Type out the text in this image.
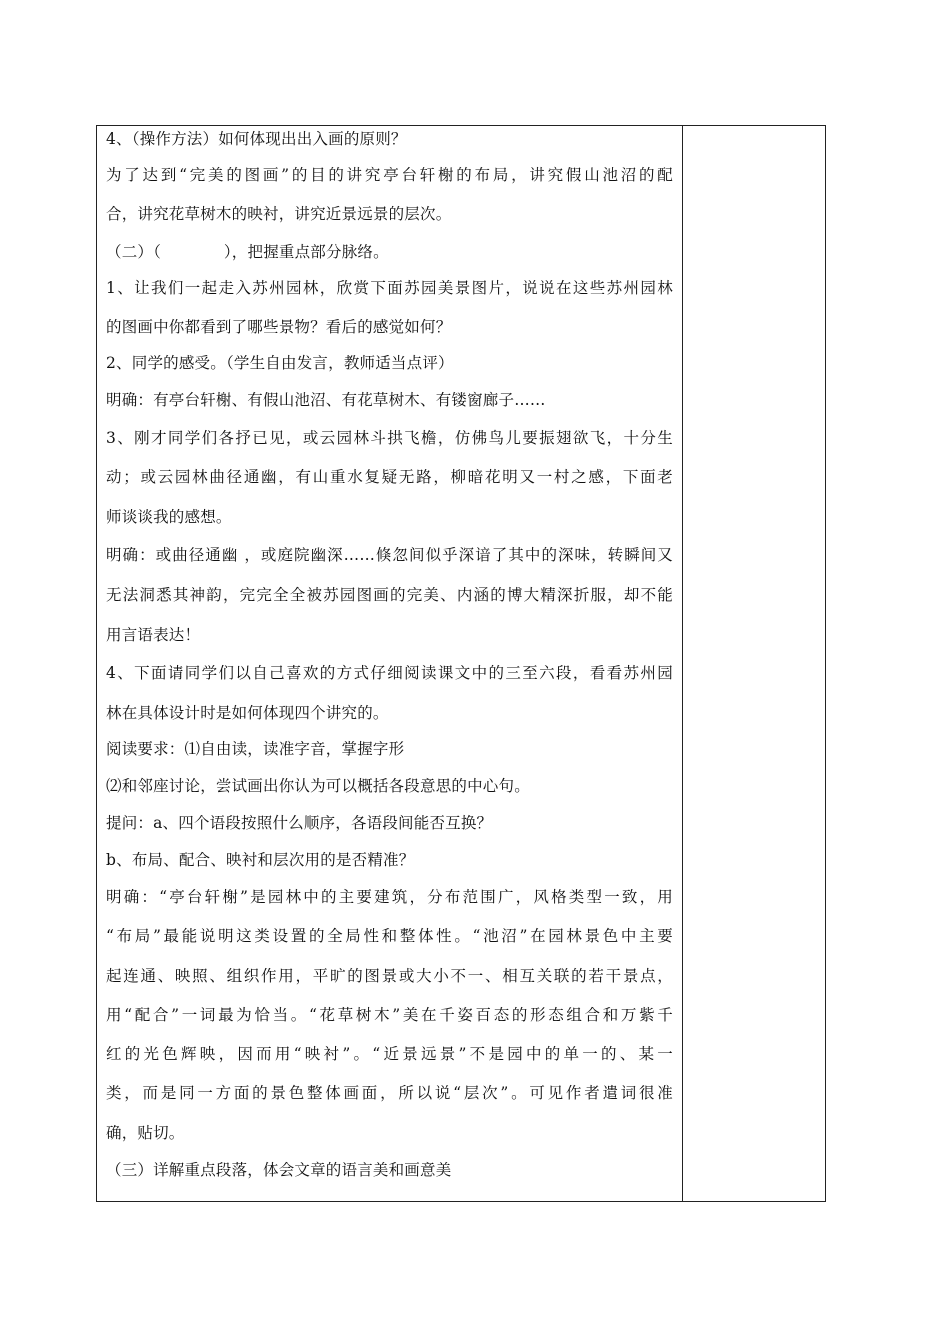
4、（操作方法）如何体现出出入画的原则？
为了达到“完美的图画”的目的讲究亭台轩榭的布局，讲究假山池沼的配
合，讲究花草树木的映衬，讲究近景远景的层次。
（二）（　　　　），把握重点部分脉络。
1、让我们一起走入苏州园林，欣赏下面苏园美景图片，说说在这些苏州园林
的图画中你都看到了哪些景物？看后的感觉如何？
2、同学的感受。（学生自由发言，教师适当点评）
明确：有亭台轩榭、有假山池沼、有花草树木、有镂窗廊子……
3、刚才同学们各抒已见，或云园林斗拱飞檐，仿佛鸟儿要振翅欲飞，十分生
动；或云园林曲径通幽，有山重水复疑无路，柳暗花明又一村之感，下面老
师谈谈我的感想。
明确：或曲径通幽 ，或庭院幽深……倏忽间似乎深谙了其中的深味，转瞬间又
无法洞悉其神韵，完完全全被苏园图画的完美、内涵的博大精深折服，却不能
用言语表达！
4、下面请同学们以自己喜欢的方式仔细阅读课文中的三至六段，看看苏州园
林在具体设计时是如何体现四个讲究的。
阅读要求：⑴自由读，读准字音，掌握字形
⑵和邻座讨论，尝试画出你认为可以概括各段意思的中心句。
提问：a、四个语段按照什么顺序，各语段间能否互换？
b、布局、配合、映衬和层次用的是否精准？
明确：“亭台轩榭”是园林中的主要建筑，分布范围广，风格类型一致，用
“布局”最能说明这类设置的全局性和整体性。“池沼”在园林景色中主要
起连通、映照、组织作用，平旷的图景或大小不一、相互关联的若干景点，
用“配合”一词最为恰当。“花草树木”美在千姿百态的形态组合和万紫千
红的光色辉映，因而用“映衬”。“近景远景”不是园中的单一的、某一
类，而是同一方面的景色整体画面，所以说“层次”。可见作者遣词很准
确，贴切。
（三）详解重点段落，体会文章的语言美和画意美
